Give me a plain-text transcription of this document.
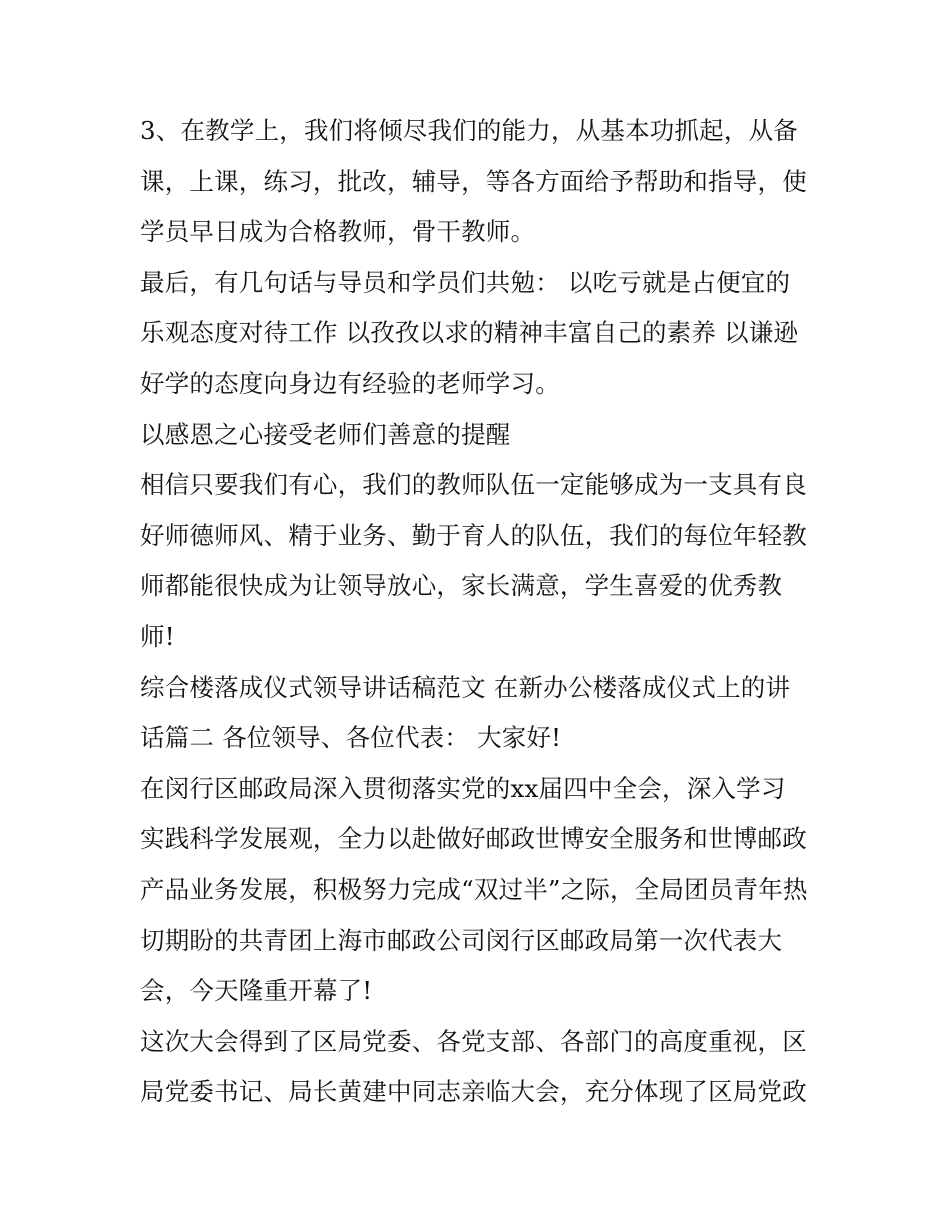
3、在教学上，我们将倾尽我们的能力，从基本功抓起，从备
课，上课，练习，批改，辅导，等各方面给予帮助和指导，使
学员早日成为合格教师，骨干教师。
最后，有几句话与导员和学员们共勉： 以吃亏就是占便宜的
乐观态度对待工作 以孜孜以求的精神丰富自己的素养 以谦逊
好学的态度向身边有经验的老师学习。
以感恩之心接受老师们善意的提醒
相信只要我们有心，我们的教师队伍一定能够成为一支具有良
好师德师风、精于业务、勤于育人的队伍，我们的每位年轻教
师都能很快成为让领导放心，家长满意，学生喜爱的优秀教
师!
综合楼落成仪式领导讲话稿范文 在新办公楼落成仪式上的讲
话篇二 各位领导、各位代表： 大家好!
在闵行区邮政局深入贯彻落实党的xx届四中全会，深入学习
实践科学发展观，全力以赴做好邮政世博安全服务和世博邮政
产品业务发展，积极努力完成“双过半”之际，全局团员青年热
切期盼的共青团上海市邮政公司闵行区邮政局第一次代表大
会，今天隆重开幕了!
这次大会得到了区局党委、各党支部、各部门的高度重视，区
局党委书记、局长黄建中同志亲临大会，充分体现了区局党政
